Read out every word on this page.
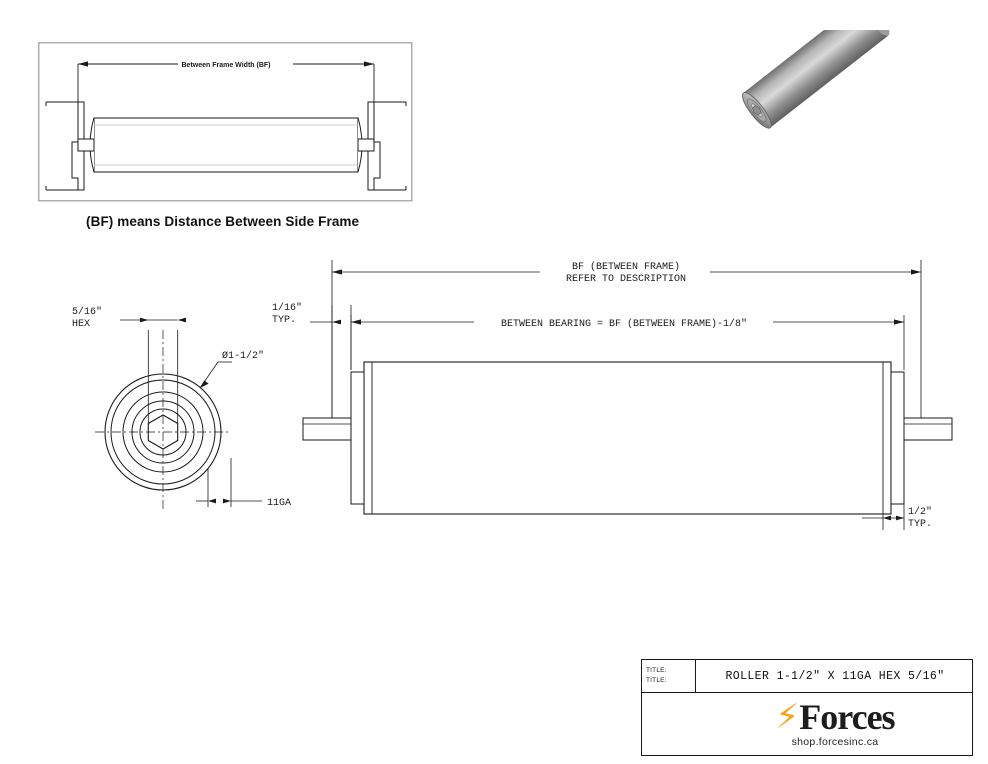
Between Frame Width (BF)
(BF) means Distance Between Side Frame
5/16"
HEX
Ø1-1/2"
11GA
BF (BETWEEN FRAME)
REFER TO DESCRIPTION
BETWEEN BEARING = BF (BETWEEN FRAME)-1/8"
1/16"
TYP.
1/2"
TYP.
TITLE:
TITLE:	ROLLER 1-1/2" X 11GA HEX 5/16"
⚡ Forces
shop.forcesinc.ca
